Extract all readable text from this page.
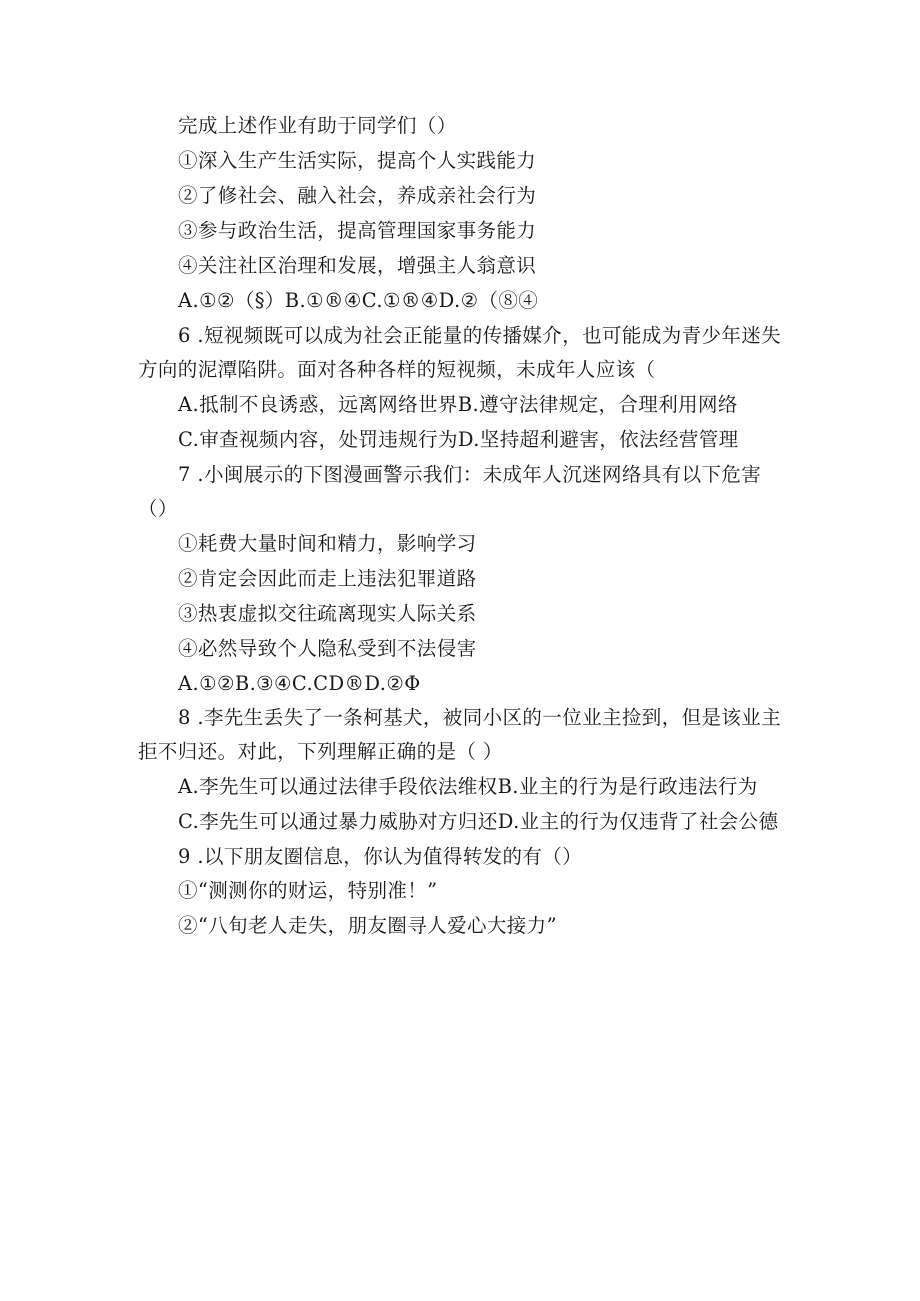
完成上述作业有助于同学们（）
①深入生产生活实际，提高个人实践能力
②了修社会、融入社会，养成亲社会行为
③参与政治生活，提高管理国家事务能力
④关注社区治理和发展，增强主人翁意识
A.①②（§）B.①®④C.①®④D.②（⑧④
6 .短视频既可以成为社会正能量的传播媒介，也可能成为青少年迷失
方向的泥潭陷阱。面对各种各样的短视频，未成年人应该（
A.抵制不良诱惑，远离网络世界B.遵守法律规定，合理利用网络
C.审查视频内容，处罚违规行为D.坚持超利避害，依法经营管理
7 .小闽展示的下图漫画警示我们：未成年人沉迷网络具有以下危害
（）
①耗费大量时间和精力，影响学习
②肯定会因此而走上违法犯罪道路
③热衷虚拟交往疏离现实人际关系
④必然导致个人隐私受到不法侵害
A.①②B.③④C.CD®D.②Φ
8 .李先生丢失了一条柯基犬，被同小区的一位业主捡到，但是该业主
拒不归还。对此，下列理解正确的是（ ）
A.李先生可以通过法律手段依法维权B.业主的行为是行政违法行为
C.李先生可以通过暴力威胁对方归还D.业主的行为仅违背了社会公德
9 .以下朋友圈信息，你认为值得转发的有（）
①“测测你的财运，特别准！”
②“八旬老人走失，朋友圈寻人爱心大接力”
